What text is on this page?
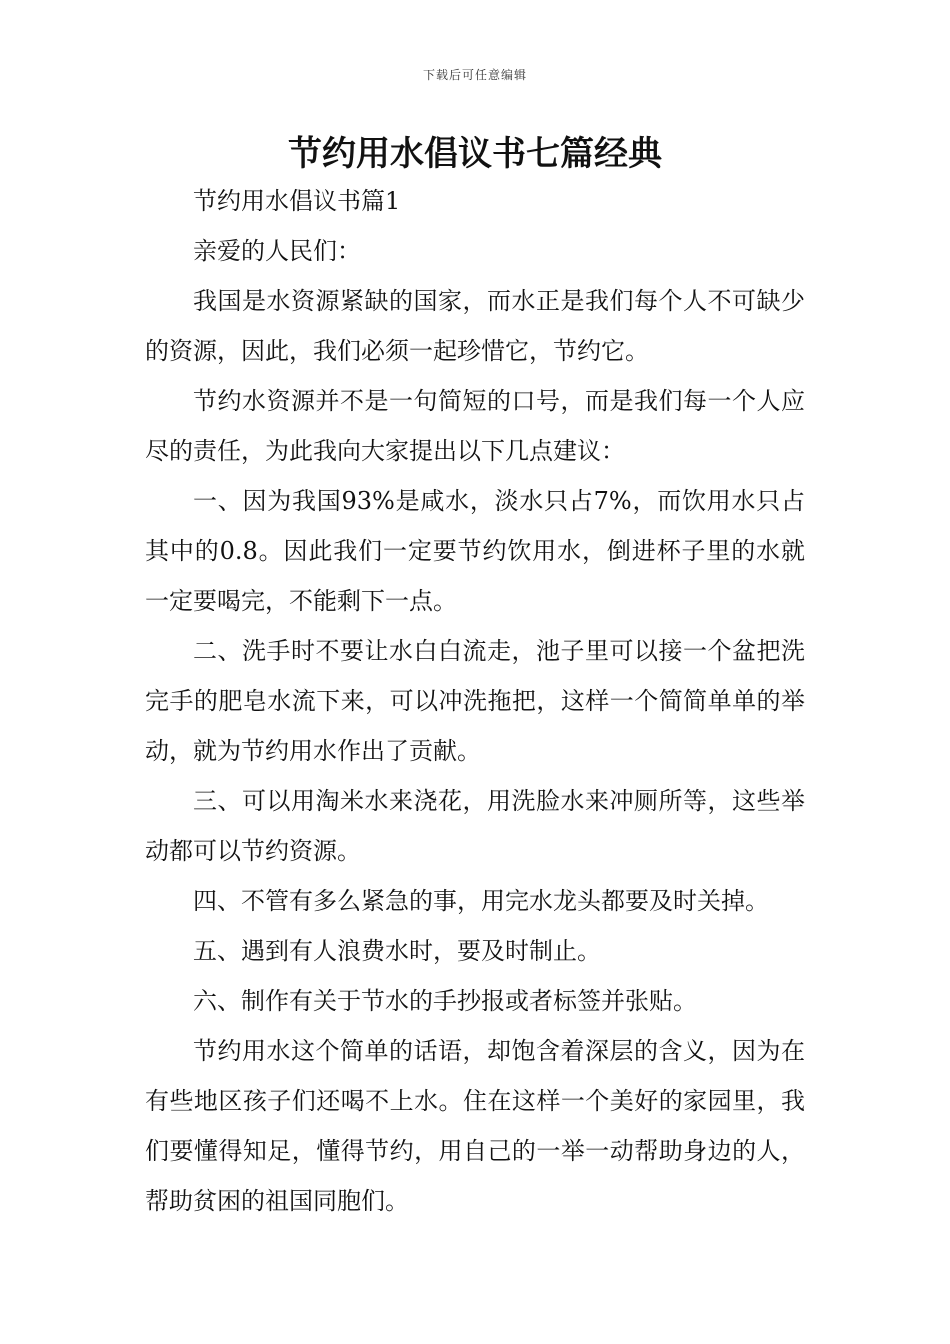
下载后可任意编辑
节约用水倡议书七篇经典

节约用水倡议书篇1

亲爱的人民们：

我国是水资源紧缺的国家，而水正是我们每个人不可缺少的资源，因此，我们必须一起珍惜它，节约它。

节约水资源并不是一句简短的口号，而是我们每一个人应尽的责任，为此我向大家提出以下几点建议：

一、因为我国93%是咸水，淡水只占7%，而饮用水只占其中的0.8。因此我们一定要节约饮用水，倒进杯子里的水就一定要喝完，不能剩下一点。

二、洗手时不要让水白白流走，池子里可以接一个盆把洗完手的肥皂水流下来，可以冲洗拖把，这样一个简简单单的举动，就为节约用水作出了贡献。

三、可以用淘米水来浇花，用洗脸水来冲厕所等，这些举动都可以节约资源。

四、不管有多么紧急的事，用完水龙头都要及时关掉。

五、遇到有人浪费水时，要及时制止。

六、制作有关于节水的手抄报或者标签并张贴。

节约用水这个简单的话语，却饱含着深层的含义，因为在有些地区孩子们还喝不上水。住在这样一个美好的家园里，我们要懂得知足，懂得节约，用自己的一举一动帮助身边的人，帮助贫困的祖国同胞们。
